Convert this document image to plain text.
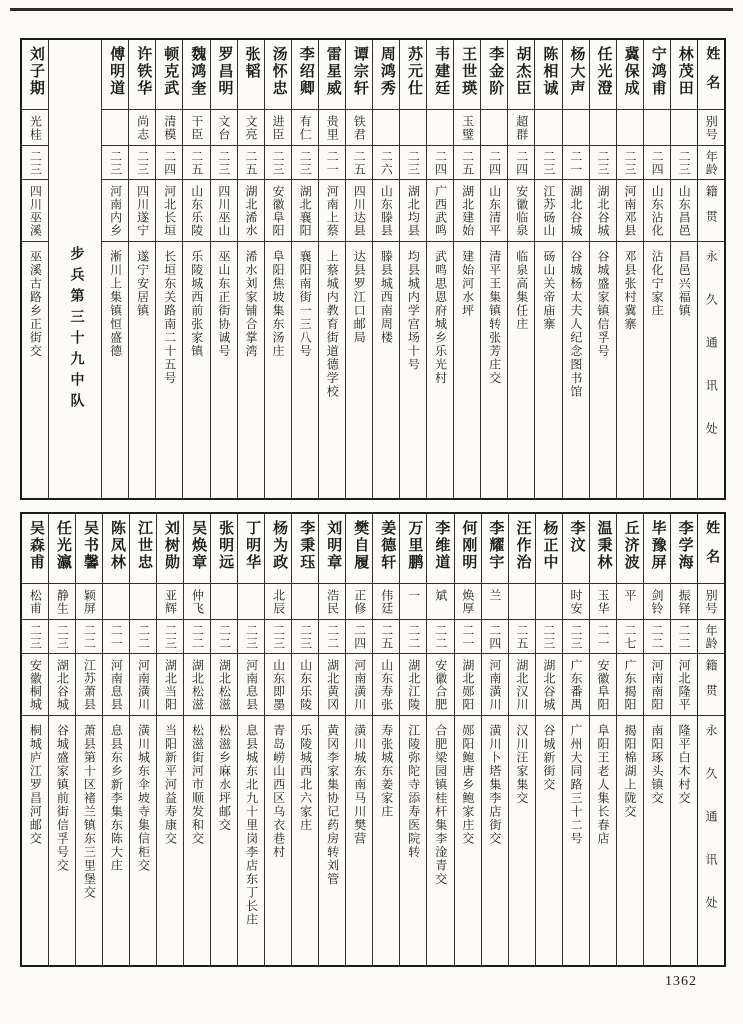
刘子期
光桂
二三
四川巫溪
巫溪古路乡正街交 步兵第三十九中队
傅明道
二三
河南内乡
淅川上集镇恒盛德
许铁华
尚志
二三
四川遂宁
遂宁安居镇
顿克武
清模
二四
河北长垣
长垣东关路南二十五号
魏鸿奎
干臣
二五
山东乐陵
乐陵城西前张家镇
罗昌明
文台
二三
四川巫山
巫山东正街协诚号
张韬
文亮
二五
湖北浠水
浠水刘家铺合掌湾
汤怀忠
进臣
二三
安徽阜阳
阜阳焦坡集东汤庄
李绍卿
有仁
二三
湖北襄阳
襄阳南街一三八号
雷星威
贵里
二一
河南上蔡
上蔡城内教育街道德学校
谭宗轩
铁君
二五
四川达县
达县罗江口邮局
周鸿秀
二六
山东滕县
滕县城西南周楼
苏元仕
二三
湖北均县
均县城内学宫场十号
韦建廷
二四
广西武鸣
武鸣思恩府城乡乐光村
王世瑛
玉璧
二五
湖北建始
建始河水坪
李金阶
二四
山东清平
清平王集镇转张芳庄交
胡杰臣
超群
二四
安徽临泉
临泉高集任庄
陈相诚
二三
江苏砀山
砀山关帝庙寨
杨大声
二一
湖北谷城
谷城杨太夫人纪念图书馆
任光澄
二三
湖北谷城
谷城盛家镇信孚号
冀保成
二三
河南邓县
邓县张村冀寨
宁鸿甫
二四
山东沾化
沾化宁家庄
林茂田
二三
山东昌邑
昌邑兴福镇
姓名
别号
年龄
籍贯
永久通讯处
吴森甫
松甫
二三
安徽桐城
桐城庐江罗昌河邮交
任光瀛
静生
二三
湖北谷城
谷城盛家镇前街信孚号交
吴书馨
颖屏
二二
江苏萧县
萧县第十区褚兰镇东三里堡交
陈凤林
二一
河南息县
息县东乡新李集东陈大庄
江世忠
二二
河南潢川
潢川城东伞坡寺集信柜交
刘树勋
亚辉
二三
湖北当阳
当阳新平河益寿康交
吴焕章
仲飞
二二
湖北松滋
松滋街河市顺发和交
张明远
二二
湖北松滋
松滋乡麻水坪邮交
丁明华
二三
河南息县
息县城东北九十里岗李店东丁长庄
杨为政
北辰
二三
山东即墨
青岛崂山西区乌衣巷村
李秉珏
二三
山东乐陵
乐陵城西北六家庄
刘明章
浩民
二二
湖北黄冈
黄冈李家集协记药房转刘管
樊自履
正修
二四
河南潢川
潢川城东南马川樊营
姜德轩
伟廷
二五
山东寿张
寿张城东姜家庄
万里鹏
一
二二
湖北江陵
江陵弥陀寺添寿医院转
李维道
斌
二二
安徽合肥
合肥梁园镇桂杆集李淦青交
何刚明
焕厚
二一
湖北郧阳
郧阳鲍唐乡鲍家庄交
李耀宇
兰
二四
河南潢川
潢川卜塔集李店街交
汪作治
二五
湖北汉川
汉川汪家集交
杨正中
二三
湖北谷城
谷城新街交
李汶
时安
二三
广东番禺
广州大同路三十二号
温秉林
玉华
二一
安徽阜阳
阜阳王老人集长春店
丘济波
平
二七
广东揭阳
揭阳棉湖上陇交
毕豫屏
剑铃
二二
河南南阳
南阳琢头镇交
李学海
振铎
二二
河北隆平
隆平白木村交
姓名
别号
年龄
籍贯
永久通讯处
1362
